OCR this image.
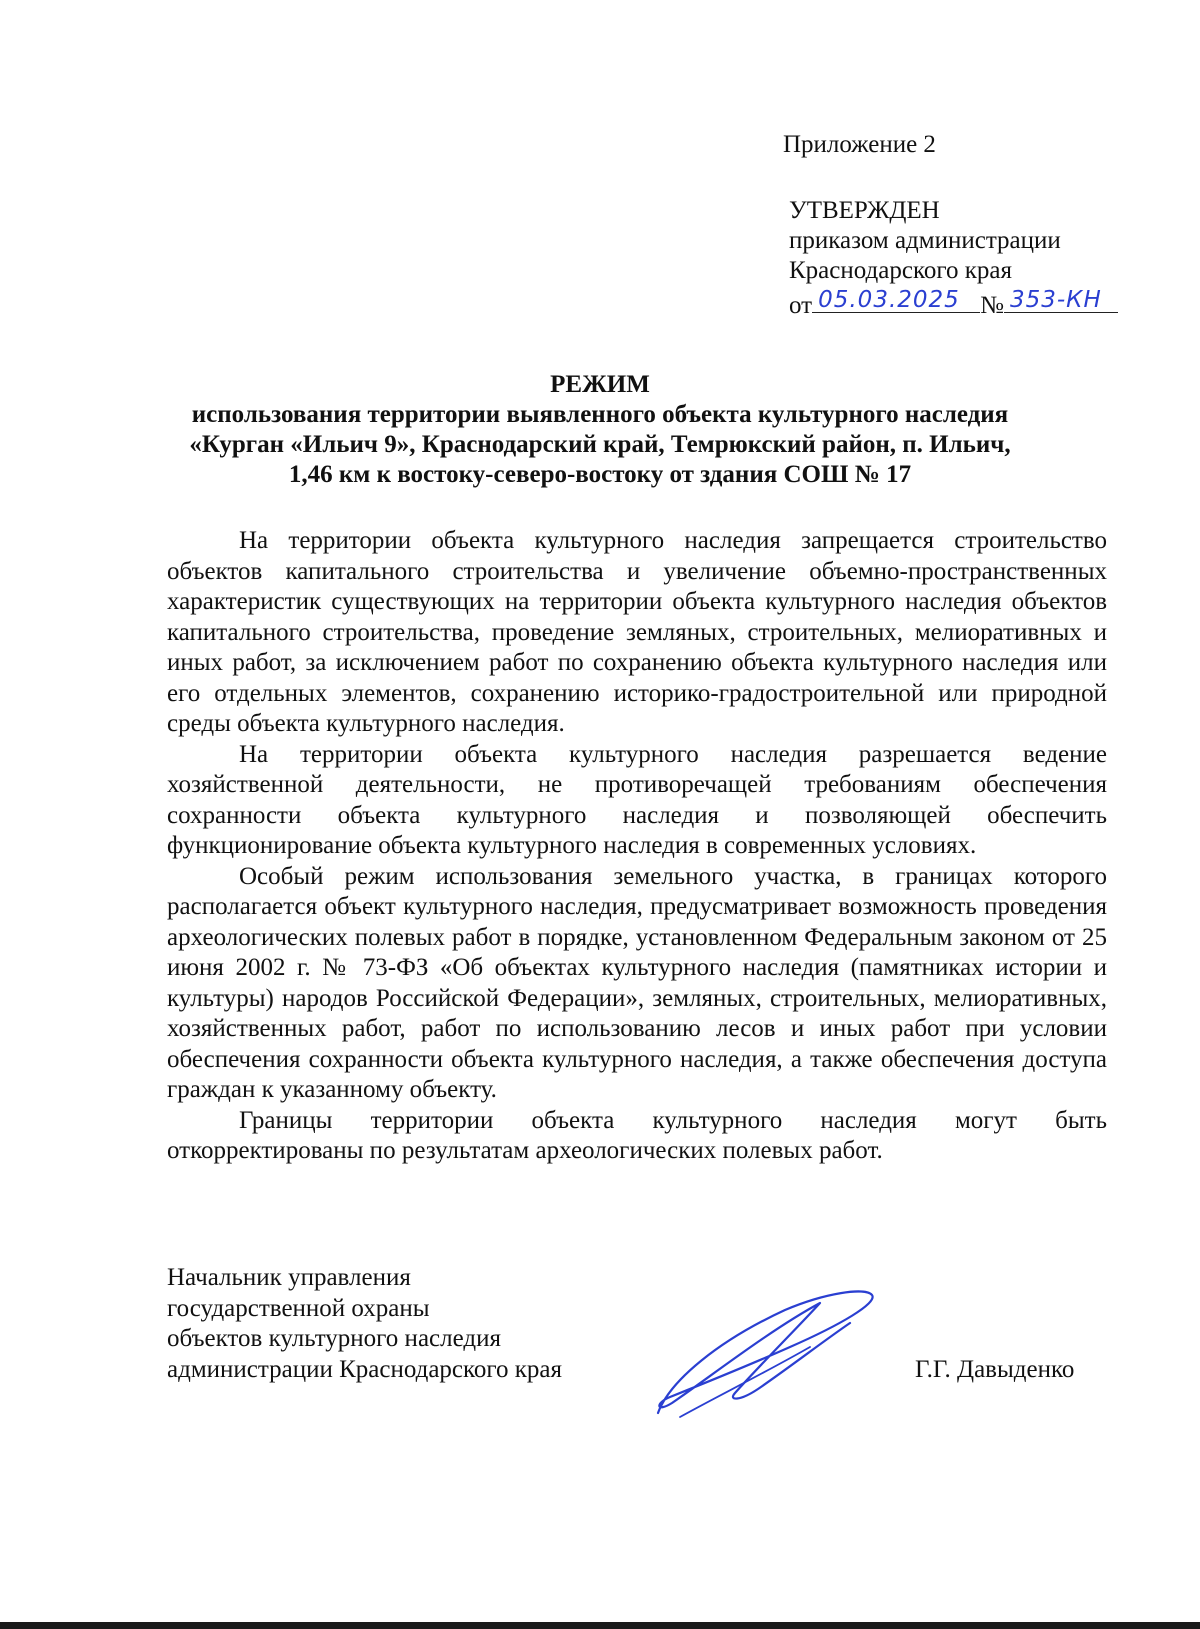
Приложение 2

УТВЕРЖДЕН
приказом администрации
Краснодарского края
от 05.03.2025 № 353-КН

РЕЖИМ

использования территории выявленного объекта культурного наследия
«Курган «Ильич 9», Краснодарский край, Темрюкский район, п. Ильич,
1,46 км к востоку-северо-востоку от здания СОШ № 17

На территории объекта культурного наследия запрещается строительство объектов капитального строительства и увеличение объемно-пространственных характеристик существующих на территории объекта культурного наследия объектов капитального строительства, проведение земляных, строительных, мелиоративных и иных работ, за исключением работ по сохранению объекта культурного наследия или его отдельных элементов, сохранению историко-градостроительной или природной среды объекта культурного наследия.

На территории объекта культурного наследия разрешается ведение хозяйственной деятельности, не противоречащей требованиям обеспечения сохранности объекта культурного наследия и позволяющей обеспечить функционирование объекта культурного наследия в современных условиях.

Особый режим использования земельного участка, в границах которого располагается объект культурного наследия, предусматривает возможность проведения археологических полевых работ в порядке, установленном Федеральным законом от 25 июня 2002 г. № 73-ФЗ «Об объектах культурного наследия (памятниках истории и культуры) народов Российской Федерации», земляных, строительных, мелиоративных, хозяйственных работ, работ по использованию лесов и иных работ при условии обеспечения сохранности объекта культурного наследия, а также обеспечения доступа граждан к указанному объекту.

Границы территории объекта культурного наследия могут быть откорректированы по результатам археологических полевых работ.

Начальник управления
государственной охраны
объектов культурного наследия
администрации Краснодарского края	Г.Г. Давыденко
